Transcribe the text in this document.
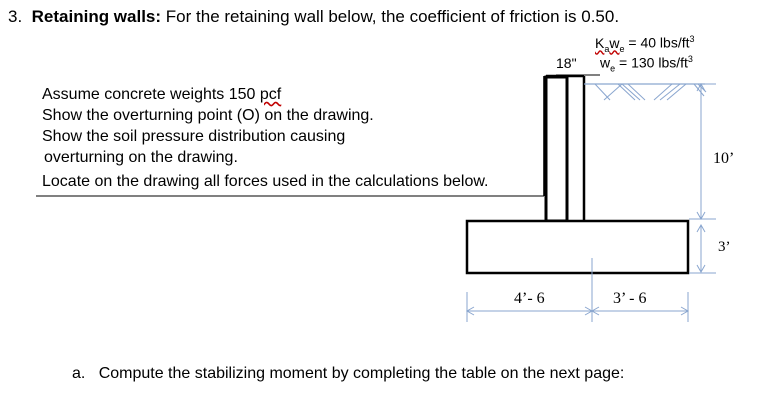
3. Retaining walls: For the retaining wall below, the coefficient of friction is 0.50.
$K_aw_e = 40$ lbs/$ft^3$
$w_e = 130$ lbs/$ft^3$
18"
Assume concrete weights 150 pcf
Show the overturning point (O) on the drawing.
Show the soil pressure distribution causing
overturning on the drawing.
Locate on the drawing all forces used in the calculations below.
10’
3’
4’- 6	3’ - 6
a. Compute the stabilizing moment by completing the table on the next page:
